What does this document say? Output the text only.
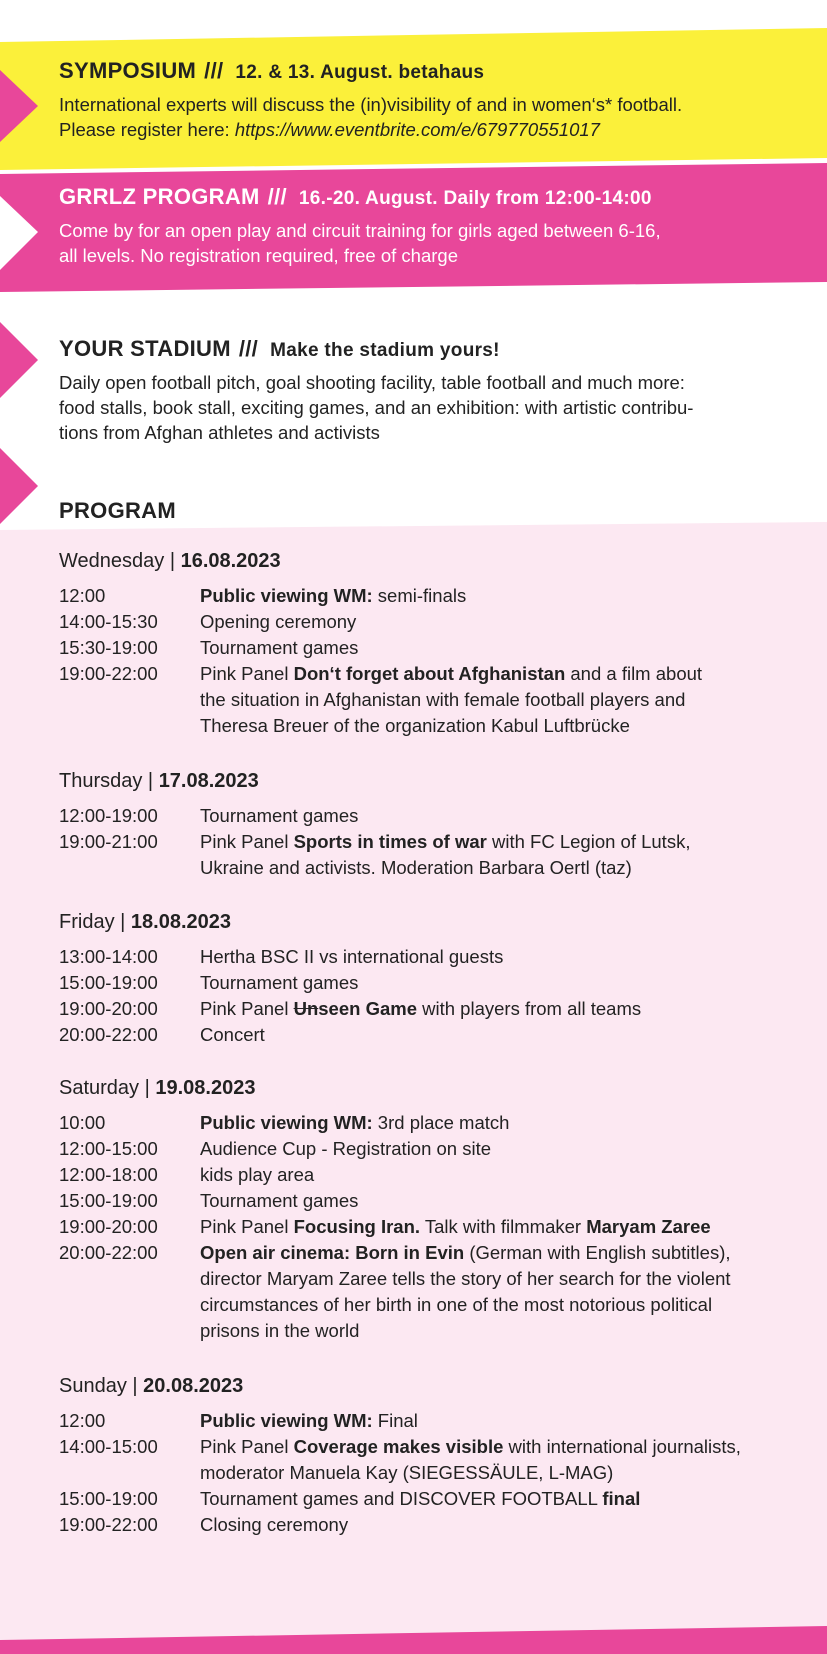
SYMPOSIUM /// 12. & 13. August. betahaus
International experts will discuss the (in)visibility of and in women‘s* football.
Please register here: https://www.eventbrite.com/e/679770551017
GRRLZ PROGRAM /// 16.-20. August. Daily from 12:00-14:00
Come by for an open play and circuit training for girls aged between 6-16,
all levels. No registration required, free of charge
YOUR STADIUM /// Make the stadium yours!
Daily open football pitch, goal shooting facility, table football and much more:
food stalls, book stall, exciting games, and an exhibition: with artistic contribu-
tions from Afghan athletes and activists
PROGRAM
Wednesday | 16.08.2023
12:00	Public viewing WM: semi-finals
14:00-15:30	Opening ceremony
15:30-19:00	Tournament games
19:00-22:00	Pink Panel Don‘t forget about Afghanistan and a film about
the situation in Afghanistan with female football players and
Theresa Breuer of the organization Kabul Luftbrücke
Thursday | 17.08.2023
12:00-19:00	Tournament games
19:00-21:00	Pink Panel Sports in times of war with FC Legion of Lutsk,
Ukraine and activists. Moderation Barbara Oertl (taz)
Friday | 18.08.2023
13:00-14:00	Hertha BSC II vs international guests
15:00-19:00	Tournament games
19:00-20:00	Pink Panel Unseen Game with players from all teams
20:00-22:00	Concert
Saturday | 19.08.2023
10:00	Public viewing WM: 3rd place match
12:00-15:00	Audience Cup - Registration on site
12:00-18:00	kids play area
15:00-19:00	Tournament games
19:00-20:00	Pink Panel Focusing Iran. Talk with filmmaker Maryam Zaree
20:00-22:00	Open air cinema: Born in Evin (German with English subtitles),
director Maryam Zaree tells the story of her search for the violent
circumstances of her birth in one of the most notorious political
prisons in the world
Sunday | 20.08.2023
12:00	Public viewing WM: Final
14:00-15:00	Pink Panel Coverage makes visible with international journalists,
moderator Manuela Kay (SIEGESSÄULE, L-MAG)
15:00-19:00	Tournament games and DISCOVER FOOTBALL final
19:00-22:00	Closing ceremony
